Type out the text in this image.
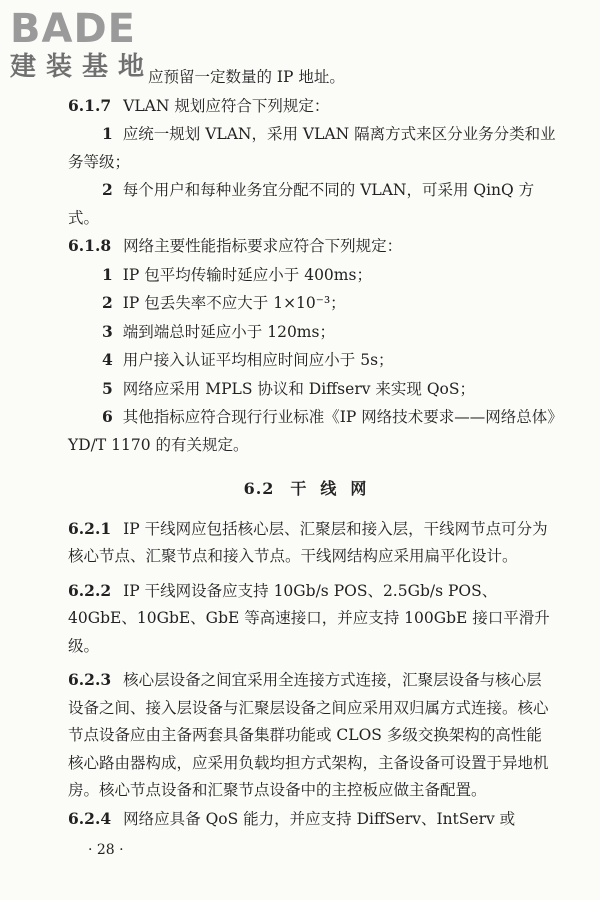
BADE
建装基地

应预留一定数量的 IP 地址。

6.1.7 VLAN 规划应符合下列规定：

1 应统一规划 VLAN，采用 VLAN 隔离方式来区分业务分类和业务等级；

2 每个用户和每种业务宜分配不同的 VLAN，可采用 QinQ 方式。

6.1.8 网络主要性能指标要求应符合下列规定：

1 IP 包平均传输时延应小于 400ms；

2 IP 包丢失率不应大于 1×10⁻³；

3 端到端总时延应小于 120ms；

4 用户接入认证平均相应时间应小于 5s；

5 网络应采用 MPLS 协议和 Diffserv 来实现 QoS；

6 其他指标应符合现行行业标准《IP 网络技术要求——网络总体》YD/T 1170 的有关规定。

6.2 干线网

6.2.1 IP 干线网应包括核心层、汇聚层和接入层，干线网节点可分为核心节点、汇聚节点和接入节点。干线网结构应采用扁平化设计。

6.2.2 IP 干线网设备应支持 10Gb/s POS、2.5Gb/s POS、40GbE、10GbE、GbE 等高速接口，并应支持 100GbE 接口平滑升级。

6.2.3 核心层设备之间宜采用全连接方式连接，汇聚层设备与核心层设备之间、接入层设备与汇聚层设备之间应采用双归属方式连接。核心节点设备应由主备两套具备集群功能或 CLOS 多级交换架构的高性能核心路由器构成，应采用负载均担方式架构，主备设备可设置于异地机房。核心节点设备和汇聚节点设备中的主控板应做主备配置。

6.2.4 网络应具备 QoS 能力，并应支持 DiffServ、IntServ 或

· 28 ·
